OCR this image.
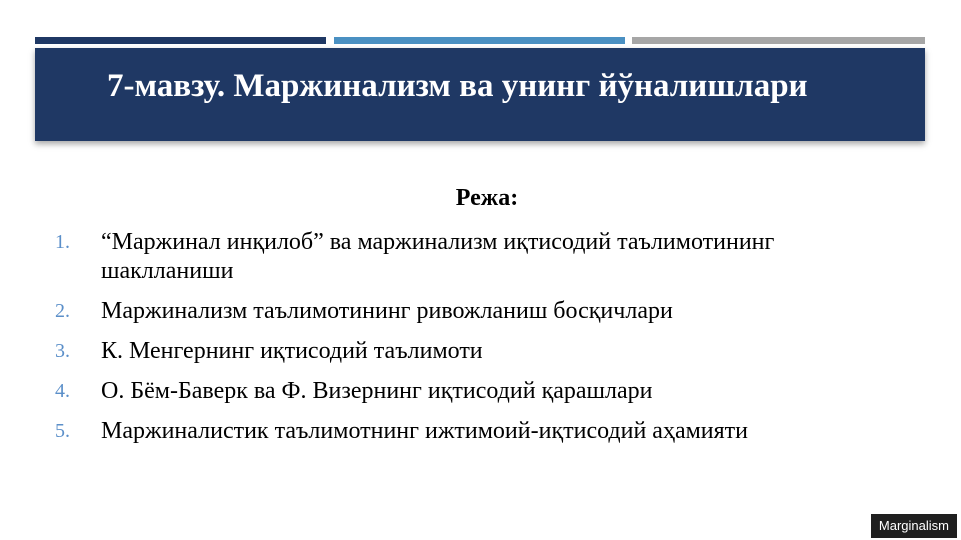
7-мавзу. Маржинализм ва унинг йўналишлари
Режа:
1.	“Маржинал инқилоб” ва маржинализм иқтисодий таълимотининг шаклланиши
2.	Маржинализм таълимотининг ривожланиш босқичлари
3.	К. Менгернинг иқтисодий таълимоти
4.	О. Бём-Баверк ва Ф. Визернинг иқтисодий қарашлари
5.	Маржиналистик таълимотнинг ижтимоий-иқтисодий аҳамияти
Marginalism
